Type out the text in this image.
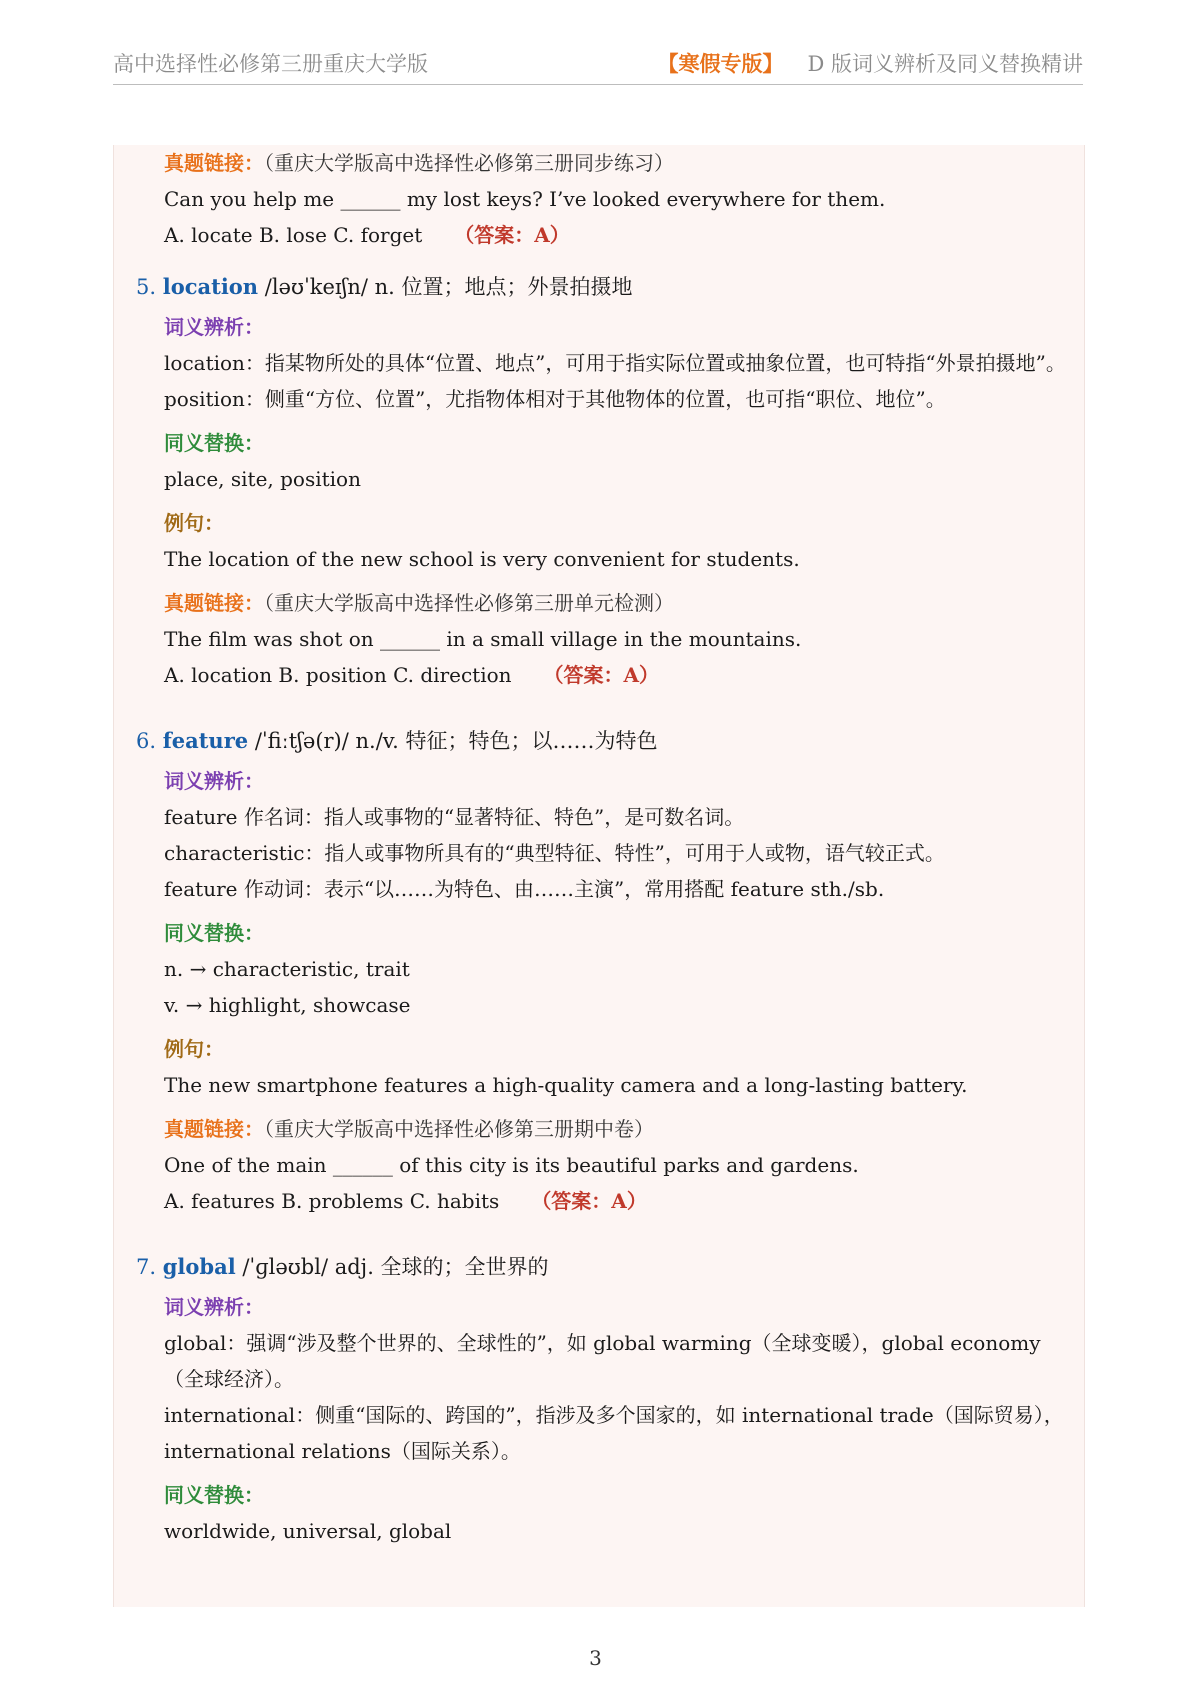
高中选择性必修第三册重庆大学版	【寒假专版】 D 版词义辨析及同义替换精讲
真题链接：（重庆大学版高中选择性必修第三册同步练习）
Can you help me ______ my lost keys? I’ve looked everywhere for them.
A. locate B. lose C. forget （答案：A）
5. location /ləʊˈkeɪʃn/ n. 位置；地点；外景拍摄地
词义辨析：
location：指某物所处的具体“位置、地点”，可用于指实际位置或抽象位置，也可特指“外景拍摄地”。
position：侧重“方位、位置”，尤指物体相对于其他物体的位置，也可指“职位、地位”。
同义替换：
place, site, position
例句：
The location of the new school is very convenient for students.
真题链接：（重庆大学版高中选择性必修第三册单元检测）
The film was shot on ______ in a small village in the mountains.
A. location B. position C. direction （答案：A）
6. feature /ˈfiːtʃə(r)/ n./v. 特征；特色；以……为特色
词义辨析：
feature 作名词：指人或事物的“显著特征、特色”，是可数名词。
characteristic：指人或事物所具有的“典型特征、特性”，可用于人或物，语气较正式。
feature 作动词：表示“以……为特色、由……主演”，常用搭配 feature sth./sb.
同义替换：
n. → characteristic, trait
v. → highlight, showcase
例句：
The new smartphone features a high-quality camera and a long-lasting battery.
真题链接：（重庆大学版高中选择性必修第三册期中卷）
One of the main ______ of this city is its beautiful parks and gardens.
A. features B. problems C. habits （答案：A）
7. global /ˈɡləʊbl/ adj. 全球的；全世界的
词义辨析：
global：强调“涉及整个世界的、全球性的”，如 global warming（全球变暖），global economy（全球经济）。
international：侧重“国际的、跨国的”，指涉及多个国家的，如 international trade（国际贸易），international relations（国际关系）。
同义替换：
worldwide, universal, global
3
